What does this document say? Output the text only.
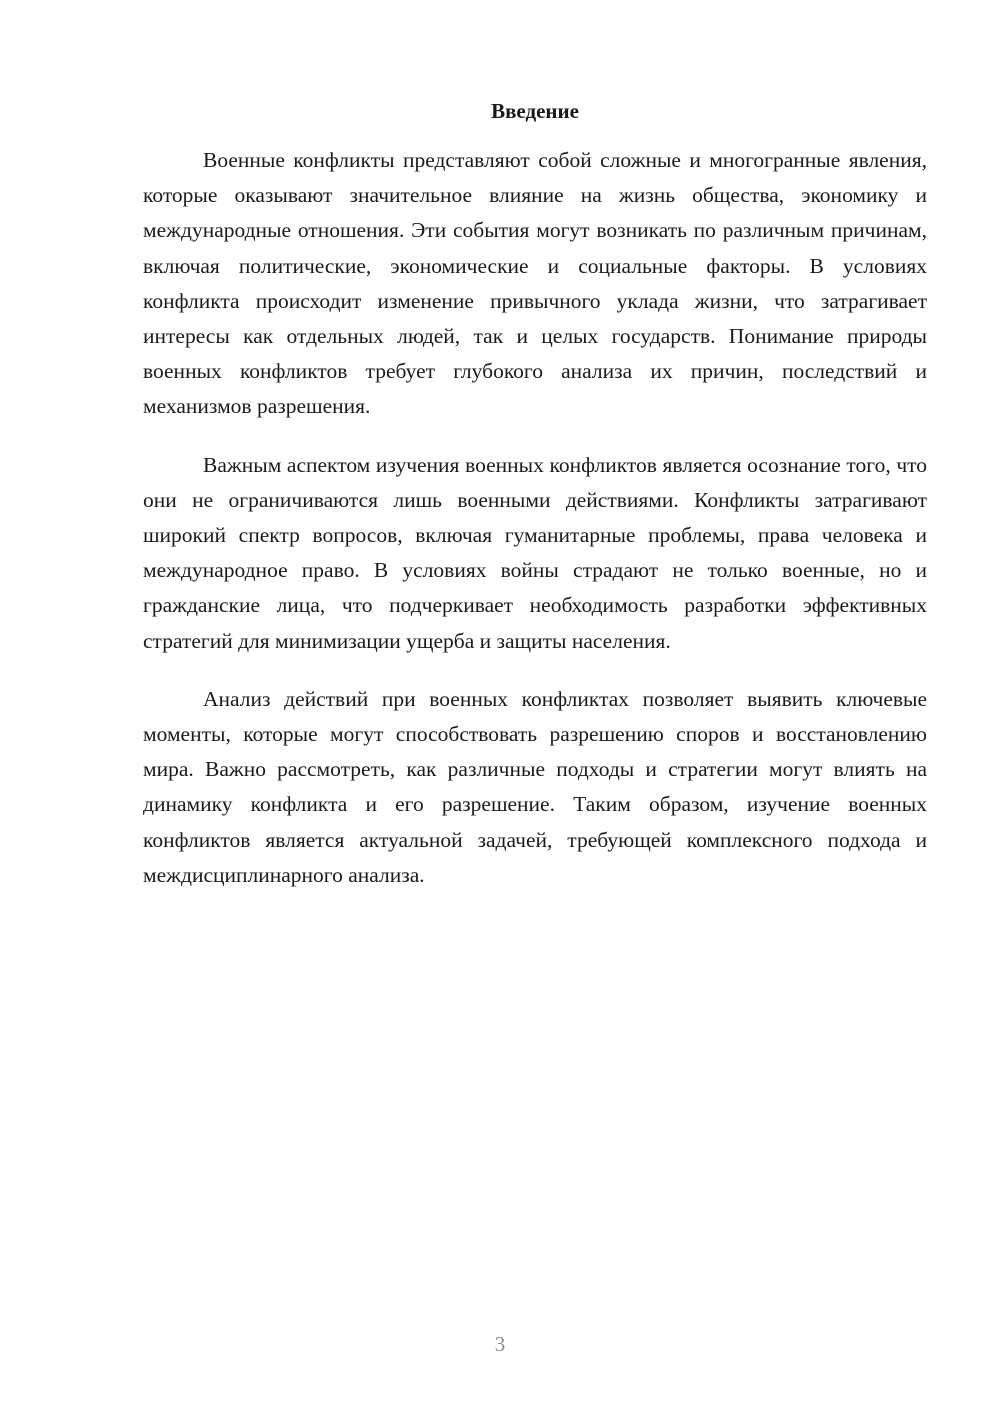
Введение

Военные конфликты представляют собой сложные и многогранные явления, которые оказывают значительное влияние на жизнь общества, экономику и международные отношения. Эти события могут возникать по различным причинам, включая политические, экономические и социальные факторы. В условиях конфликта происходит изменение привычного уклада жизни, что затрагивает интересы как отдельных людей, так и целых государств. Понимание природы военных конфликтов требует глубокого анализа их причин, последствий и механизмов разрешения.

Важным аспектом изучения военных конфликтов является осознание того, что они не ограничиваются лишь военными действиями. Конфликты затрагивают широкий спектр вопросов, включая гуманитарные проблемы, права человека и международное право. В условиях войны страдают не только военные, но и гражданские лица, что подчеркивает необходимость разработки эффективных стратегий для минимизации ущерба и защиты населения.

Анализ действий при военных конфликтах позволяет выявить ключевые моменты, которые могут способствовать разрешению споров и восстановлению мира. Важно рассмотреть, как различные подходы и стратегии могут влиять на динамику конфликта и его разрешение. Таким образом, изучение военных конфликтов является актуальной задачей, требующей комплексного подхода и междисциплинарного анализа.

3
